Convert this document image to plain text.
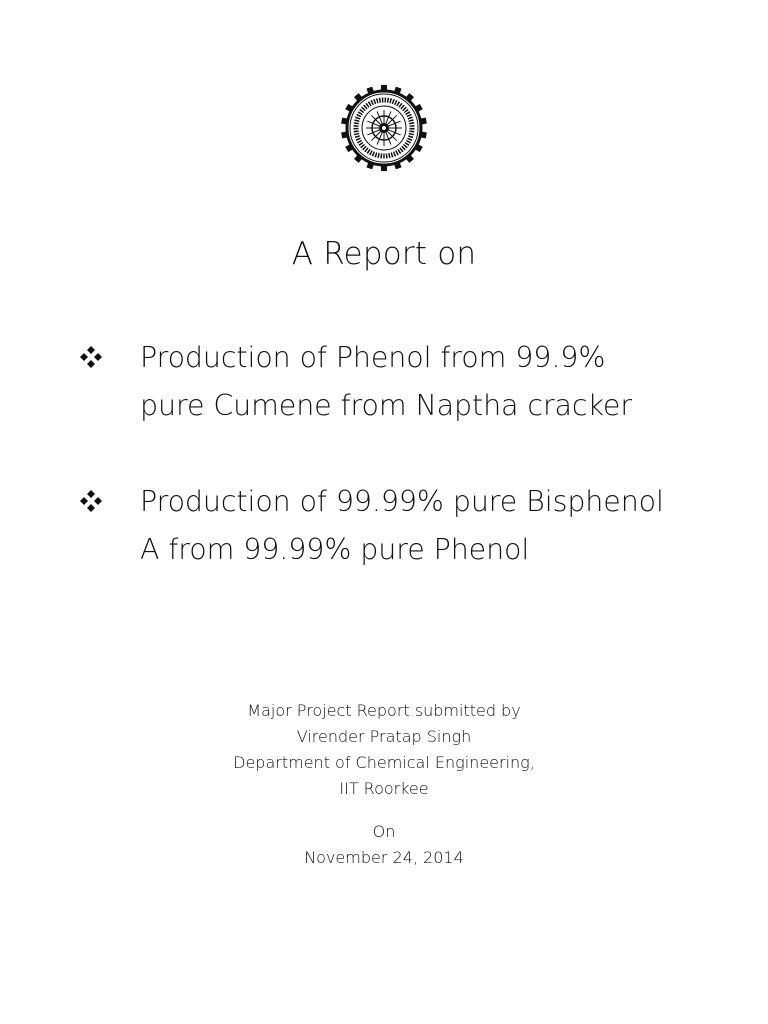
A Report on
Production of Phenol from 99.9%
pure Cumene from Naptha cracker
Production of 99.99% pure Bisphenol
A from 99.99% pure Phenol
Major Project Report submitted by
Virender Pratap Singh
Department of Chemical Engineering,
IIT Roorkee
On
November 24, 2014
